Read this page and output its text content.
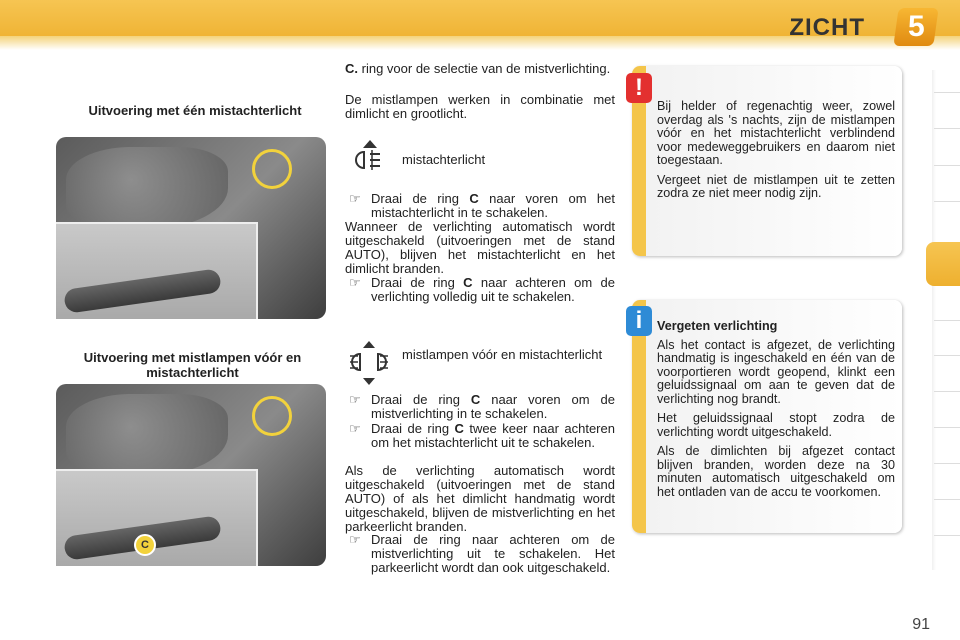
ZICHT 5
Uitvoering met één mistachterlicht
Uitvoering met mistlampen vóór en mistachterlicht
C

C. ring voor de selectie van de mistverlichting.

De mistlampen werken in combinatie met dimlicht en grootlicht.
mistachterlicht

☞ Draai de ring C naar voren om het mistachterlicht in te schakelen.

Wanneer de verlichting automatisch wordt uitgeschakeld (uitvoeringen met de stand AUTO), blijven het mistachterlicht en het dimlicht branden.

☞ Draai de ring C naar achteren om de verlichting volledig uit te schakelen.

mistlampen vóór en mistachterlicht

☞ Draai de ring C naar voren om de mistverlichting in te schakelen.

☞ Draai de ring C twee keer naar achteren om het mistachterlicht uit te schakelen.

Als de verlichting automatisch wordt uitgeschakeld (uitvoeringen met de stand AUTO) of als het dimlicht handmatig wordt uitgeschakeld, blijven de mistverlichting en het parkeerlicht branden.

☞ Draai de ring naar achteren om de mistverlichting uit te schakelen. Het parkeerlicht wordt dan ook uitgeschakeld.

!

Bij helder of regenachtig weer, zowel overdag als 's nachts, zijn de mistlampen vóór en het mistachterlicht verblindend voor medeweggebruikers en daarom niet toegestaan.

Vergeet niet de mistlampen uit te zetten zodra ze niet meer nodig zijn.

i	Vergeten verlichting

Als het contact is afgezet, de verlichting handmatig is ingeschakeld en één van de voorportieren wordt geopend, klinkt een geluidssignaal om aan te geven dat de verlichting nog brandt.

Het geluidssignaal stopt zodra de verlichting wordt uitgeschakeld.

Als de dimlichten bij afgezet contact blijven branden, worden deze na 30 minuten automatisch uitgeschakeld om het ontladen van de accu te voorkomen.

91
